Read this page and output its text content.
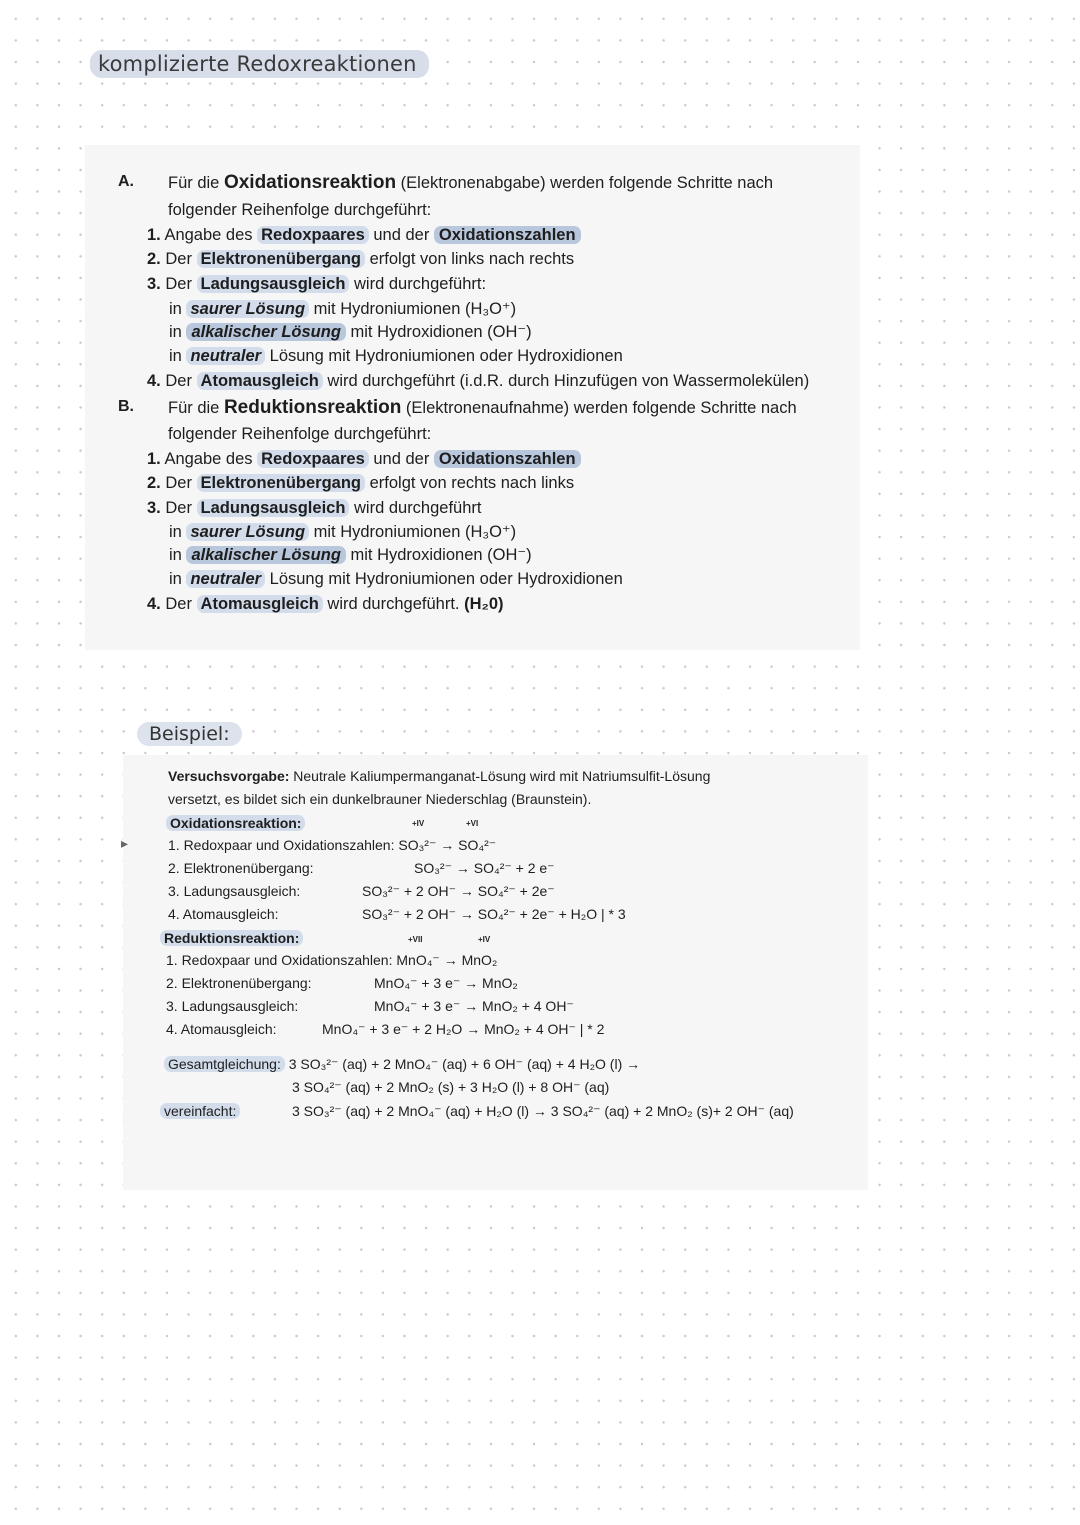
komplizierte Redoxreaktionen
A. Für die Oxidationsreaktion (Elektronenabgabe) werden folgende Schritte nach
folgender Reihenfolge durchgeführt:
1. Angabe des Redoxpaares und der Oxidationszahlen
2. Der Elektronenübergang erfolgt von links nach rechts
3. Der Ladungsausgleich wird durchgeführt:
in saurer Lösung mit Hydroniumionen (H₃O⁺)
in alkalischer Lösung mit Hydroxidionen (OH⁻)
in neutraler Lösung mit Hydroniumionen oder Hydroxidionen
4. Der Atomausgleich wird durchgeführt (i.d.R. durch Hinzufügen von Wassermolekülen)
B. Für die Reduktionsreaktion (Elektronenaufnahme) werden folgende Schritte nach
folgender Reihenfolge durchgeführt:
1. Angabe des Redoxpaares und der Oxidationszahlen
2. Der Elektronenübergang erfolgt von rechts nach links
3. Der Ladungsausgleich wird durchgeführt
in saurer Lösung mit Hydroniumionen (H₃O⁺)
in alkalischer Lösung mit Hydroxidionen (OH⁻)
in neutraler Lösung mit Hydroniumionen oder Hydroxidionen
4. Der Atomausgleich wird durchgeführt. (H₂0)
Beispiel:
▸
Versuchsvorgabe: Neutrale Kaliumpermanganat-Lösung wird mit Natriumsulfit-Lösung
versetzt, es bildet sich ein dunkelbrauner Niederschlag (Braunstein).
Oxidationsreaktion:	+IV	+VI
1. Redoxpaar und Oxidationszahlen: SO₃²⁻ → SO₄²⁻
2. Elektronenübergang:	SO₃²⁻ → SO₄²⁻ + 2 e⁻
3. Ladungsausgleich:	SO₃²⁻ + 2 OH⁻ → SO₄²⁻ + 2e⁻
4. Atomausgleich:	SO₃²⁻ + 2 OH⁻ → SO₄²⁻ + 2e⁻ + H₂O | * 3
Reduktionsreaktion:	+VII	+IV
1. Redoxpaar und Oxidationszahlen: MnO₄⁻ → MnO₂
2. Elektronenübergang:	MnO₄⁻ + 3 e⁻ → MnO₂
3. Ladungsausgleich:	MnO₄⁻ + 3 e⁻ → MnO₂ + 4 OH⁻
4. Atomausgleich:	MnO₄⁻ + 3 e⁻ + 2 H₂O → MnO₂ + 4 OH⁻ | * 2
Gesamtgleichung: 3 SO₃²⁻ (aq) + 2 MnO₄⁻ (aq) + 6 OH⁻ (aq) + 4 H₂O (l) →
3 SO₄²⁻ (aq) + 2 MnO₂ (s) + 3 H₂O (l) + 8 OH⁻ (aq)
vereinfacht:	3 SO₃²⁻ (aq) + 2 MnO₄⁻ (aq) + H₂O (l) → 3 SO₄²⁻ (aq) + 2 MnO₂ (s)+ 2 OH⁻ (aq)
